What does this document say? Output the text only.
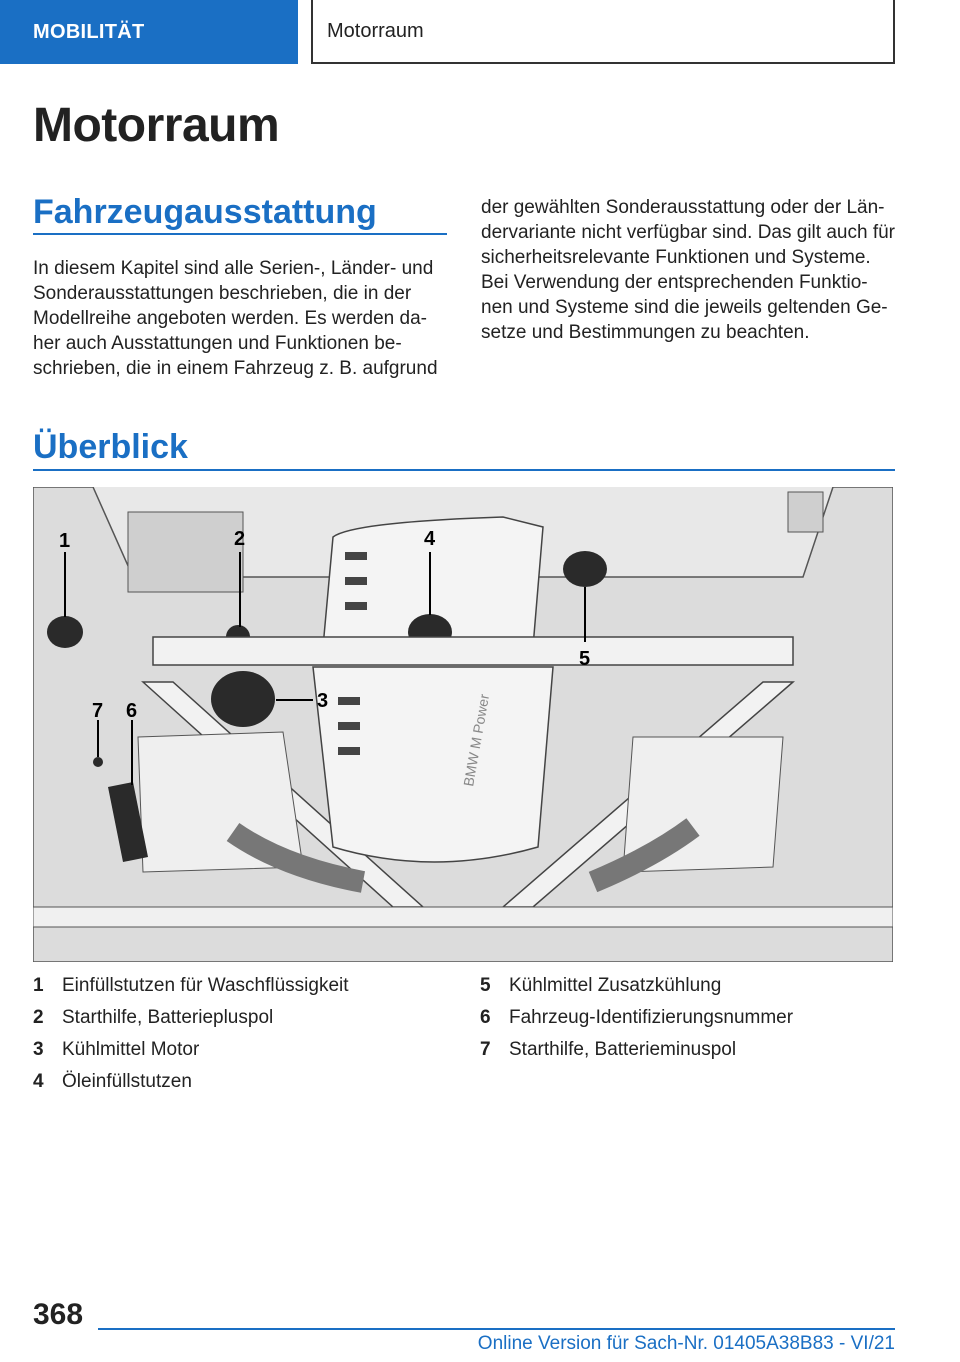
MOBILITÄT	Motorraum
Motorraum
Fahrzeugausstattung
In diesem Kapitel sind alle Serien-, Länder- und
Sonderausstattungen beschrieben, die in der
Modellreihe angeboten werden. Es werden da-
her auch Ausstattungen und Funktionen be-
schrieben, die in einem Fahrzeug z. B. aufgrund
der gewählten Sonderausstattung oder der Län-
dervariante nicht verfügbar sind. Das gilt auch für
sicherheitsrelevante Funktionen und Systeme.
Bei Verwendung der entsprechenden Funktio-
nen und Systeme sind die jeweils geltenden Ge-
setze und Bestimmungen zu beachten.
Überblick
BMW M Power
1	2
3
4
5
6
7
1 Einfüllstutzen für Waschflüssigkeit
2 Starthilfe, Batteriepluspol
3 Kühlmittel Motor
4 Öleinfüllstutzen
5 Kühlmittel Zusatzkühlung
6 Fahrzeug-Identifizierungsnummer
7 Starthilfe, Batterieminuspol
368
Online Version für Sach-Nr. 01405A38B83 - VI/21
